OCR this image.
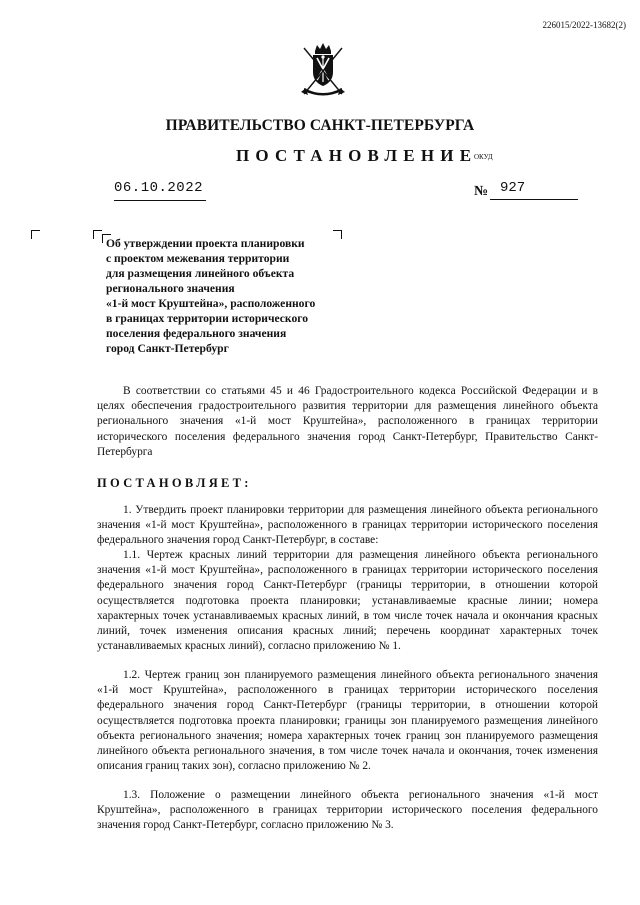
226015/2022-13682(2)
ПРАВИТЕЛЬСТВО САНКТ-ПЕТЕРБУРГА
ПОСТАНОВЛЕНИЕ
ОКУД
06.10.2022	№ 927
Об утверждении проекта планировки
с проектом межевания территории
для размещения линейного объекта
регионального значения
«1-й мост Круштейна», расположенного
в границах территории исторического
поселения федерального значения
город Санкт-Петербург
В соответствии со статьями 45 и 46 Градостроительного кодекса Российской Федерации и в целях обеспечения градостроительного развития территории для размещения линейного объекта регионального значения «1-й мост Круштейна», расположенного в границах территории исторического поселения федерального значения город Санкт-Петербург, Правительство Санкт-Петербурга
ПОСТАНОВЛЯЕТ:
1. Утвердить проект планировки территории для размещения линейного объекта регионального значения «1-й мост Круштейна», расположенного в границах территории исторического поселения федерального значения город Санкт-Петербург, в составе:
1.1. Чертеж красных линий территории для размещения линейного объекта регионального значения «1-й мост Круштейна», расположенного в границах территории исторического поселения федерального значения город Санкт-Петербург (границы территории, в отношении которой осуществляется подготовка проекта планировки; устанавливаемые красные линии; номера характерных точек устанавливаемых красных линий, в том числе точек начала и окончания красных линий, точек изменения описания красных линий; перечень координат характерных точек устанавливаемых красных линий), согласно приложению № 1.
1.2. Чертеж границ зон планируемого размещения линейного объекта регионального значения «1-й мост Круштейна», расположенного в границах территории исторического поселения федерального значения город Санкт-Петербург (границы территории, в отношении которой осуществляется подготовка проекта планировки; границы зон планируемого размещения линейного объекта регионального значения; номера характерных точек границ зон планируемого размещения линейного объекта регионального значения, в том числе точек начала и окончания, точек изменения описания границ таких зон), согласно приложению № 2.
1.3. Положение о размещении линейного объекта регионального значения «1-й мост Круштейна», расположенного в границах территории исторического поселения федерального значения город Санкт-Петербург, согласно приложению № 3.
